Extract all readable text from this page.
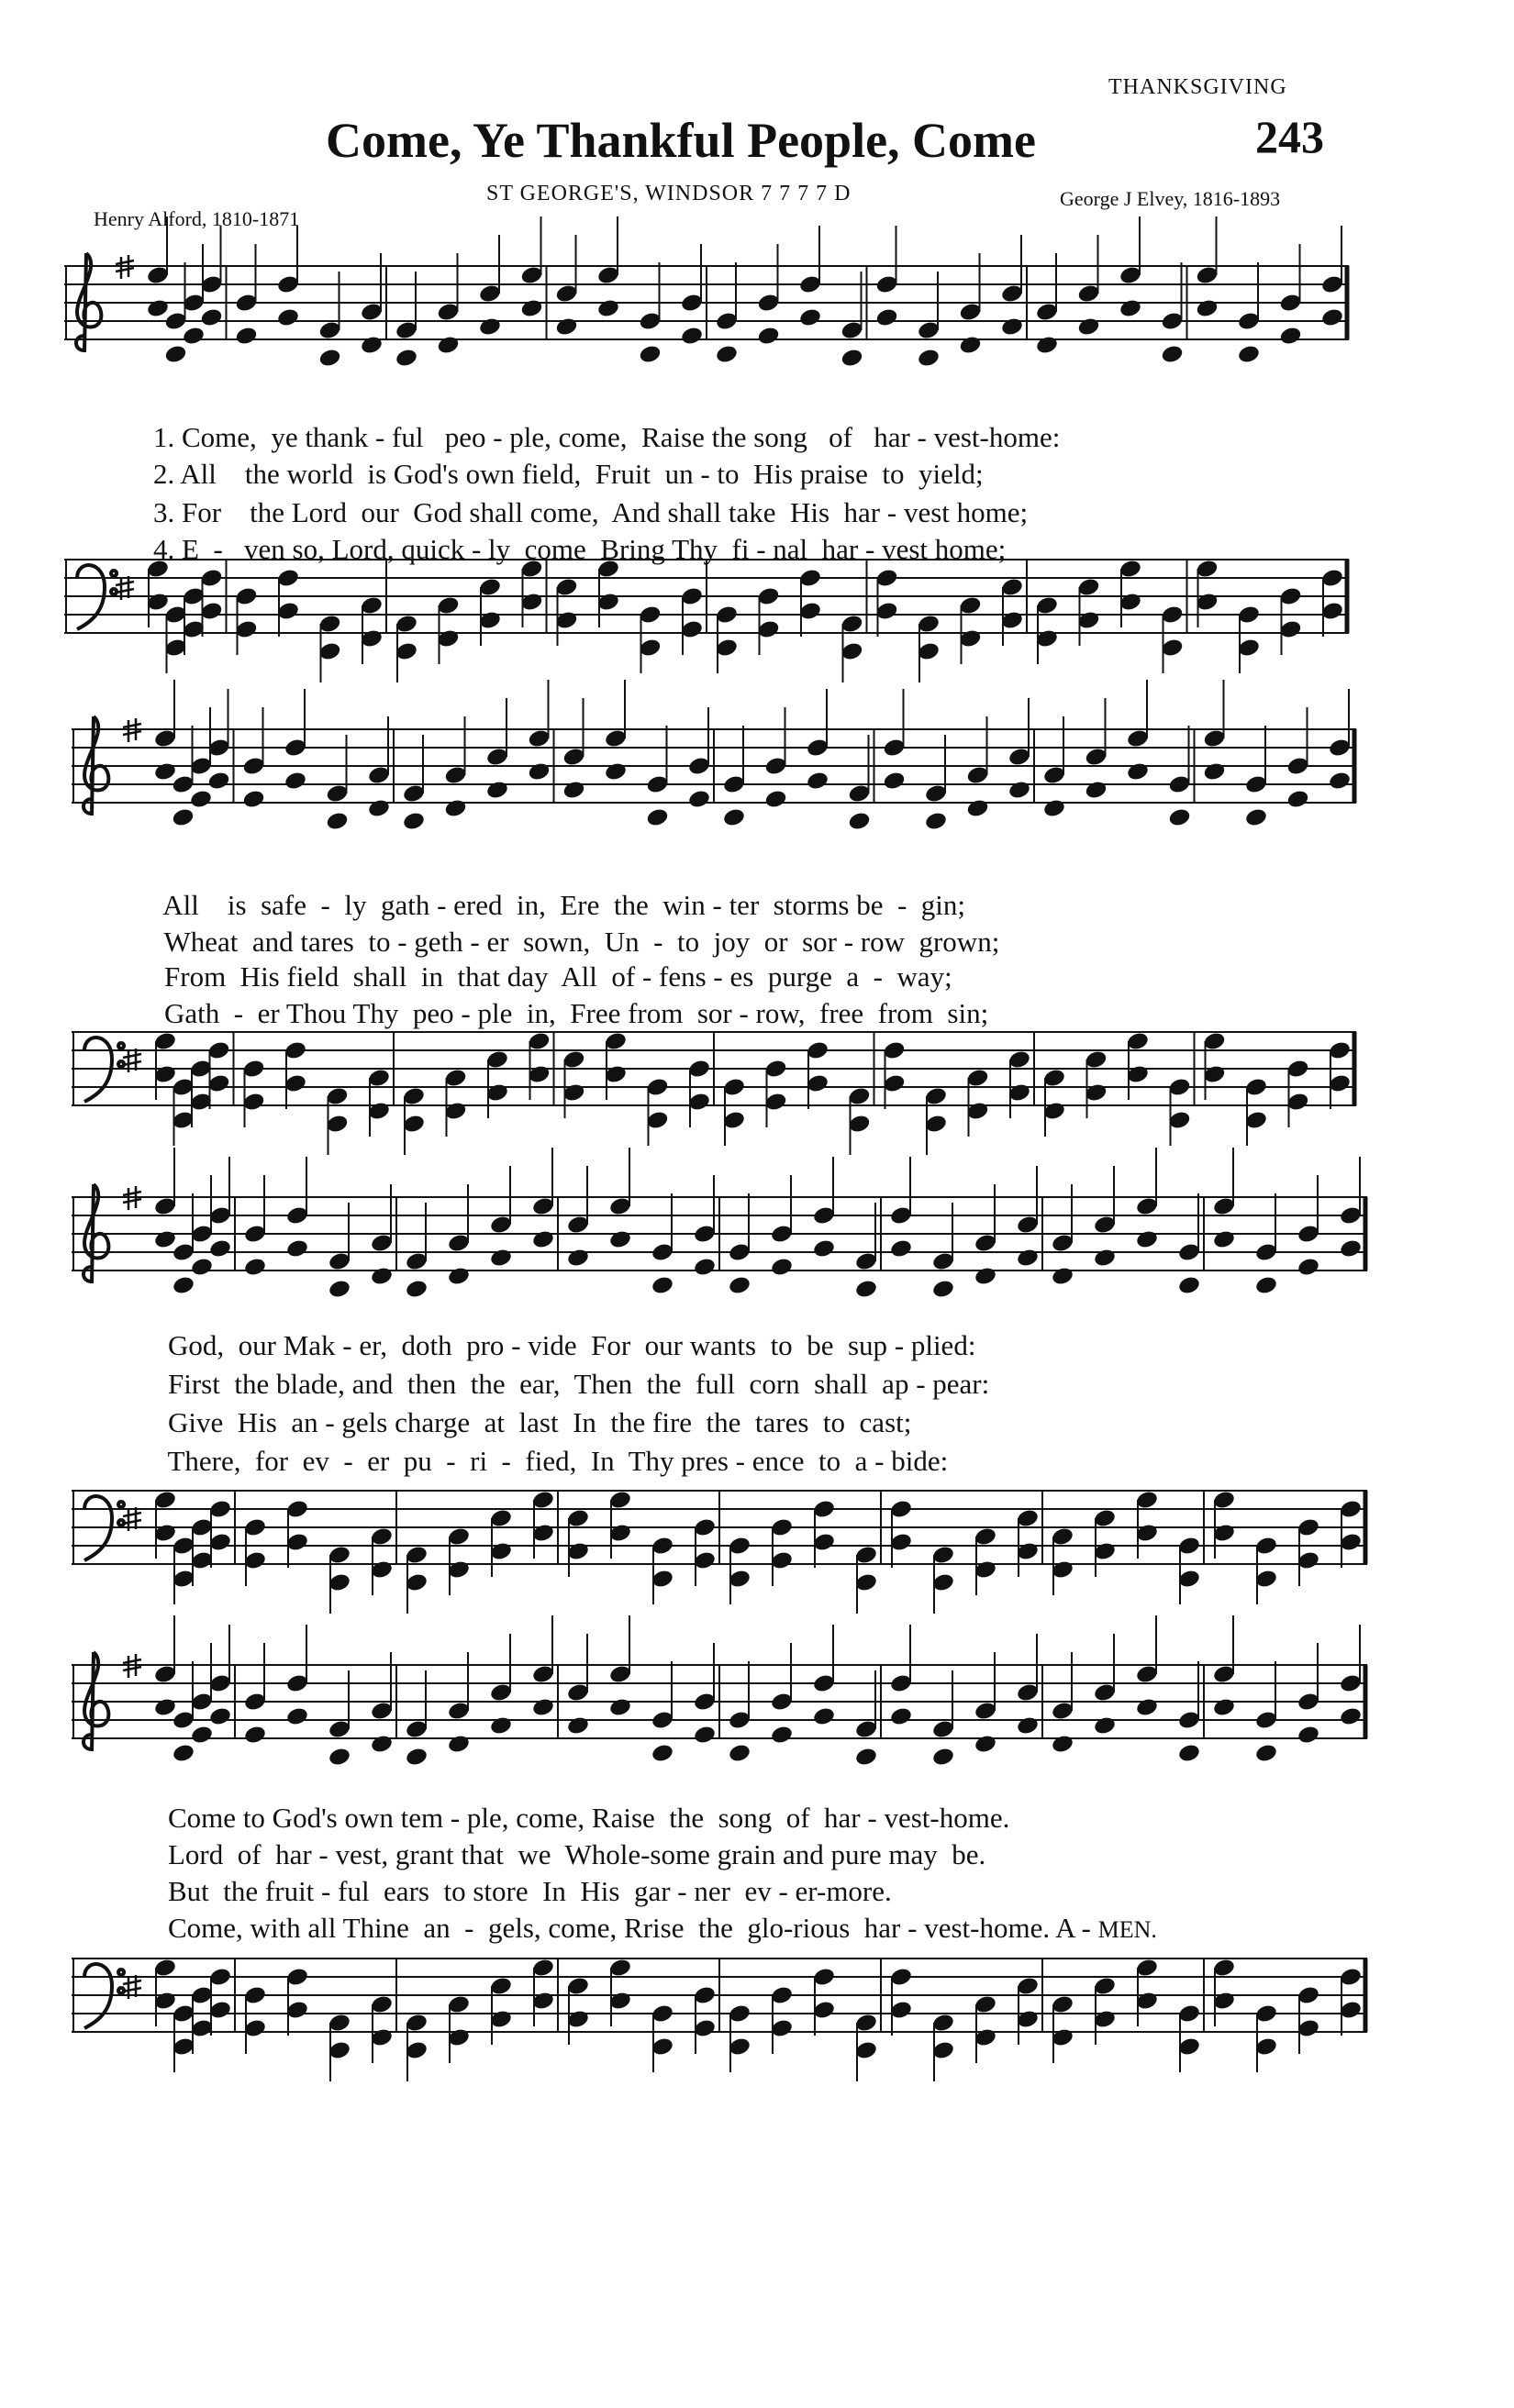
THANKSGIVING
243
Come, Ye Thankful People, Come
ST GEORGE'S, WINDSOR 7 7 7 7 D
Henry Alford, 1810-1871
George J Elvey, 1816-1893

1. Come, ye thank - ful peo - ple, come, Raise the song of har - vest-home:

2. All the world is God's own field, Fruit  un - to His praise  to  yield;

3. For the Lord our  God shall come, And shall take  His har - vest home;

4. E -   ven so, Lord, quick - ly  come Bring Thy  fi - nal har - vest home;

All is  safe  -  ly gath - ered  in, Ere  the win - ter  storms be  -  gin;

Wheat  and tares to - geth - er  sown, Un  -  to  joy  or sor - row  grown;

From  His field  shall in  that day All  of - fens - es  purge  a  -  way;

Gath  -  er Thou Thy peo - ple  in, Free from  sor - row,  free  from  sin;

God, our Mak - er,  doth pro - vide For  our wants  to be  sup - plied:

First the blade, and  then  the ear, Then  the  full  corn  shall  ap - pear:

Give His  an - gels charge  at last In  the fire  the  tares  to  cast;

There, for  ev  -  er  pu  -  ri  -  fied, In  Thy pres - ence  to  a - bide:

Come to God's own tem - ple, come, Raise  the  song  of  har - vest-home.

Lord of  har - vest, grant that  we  Whole-some grain and pure may  be.

But the fruit - ful  ears  to store  In  His  gar - ner  ev - er-more.

Come, with all Thine  an  -  gels, come, Rrise  the  glo-rious  har - vest-home. A - MEN.
